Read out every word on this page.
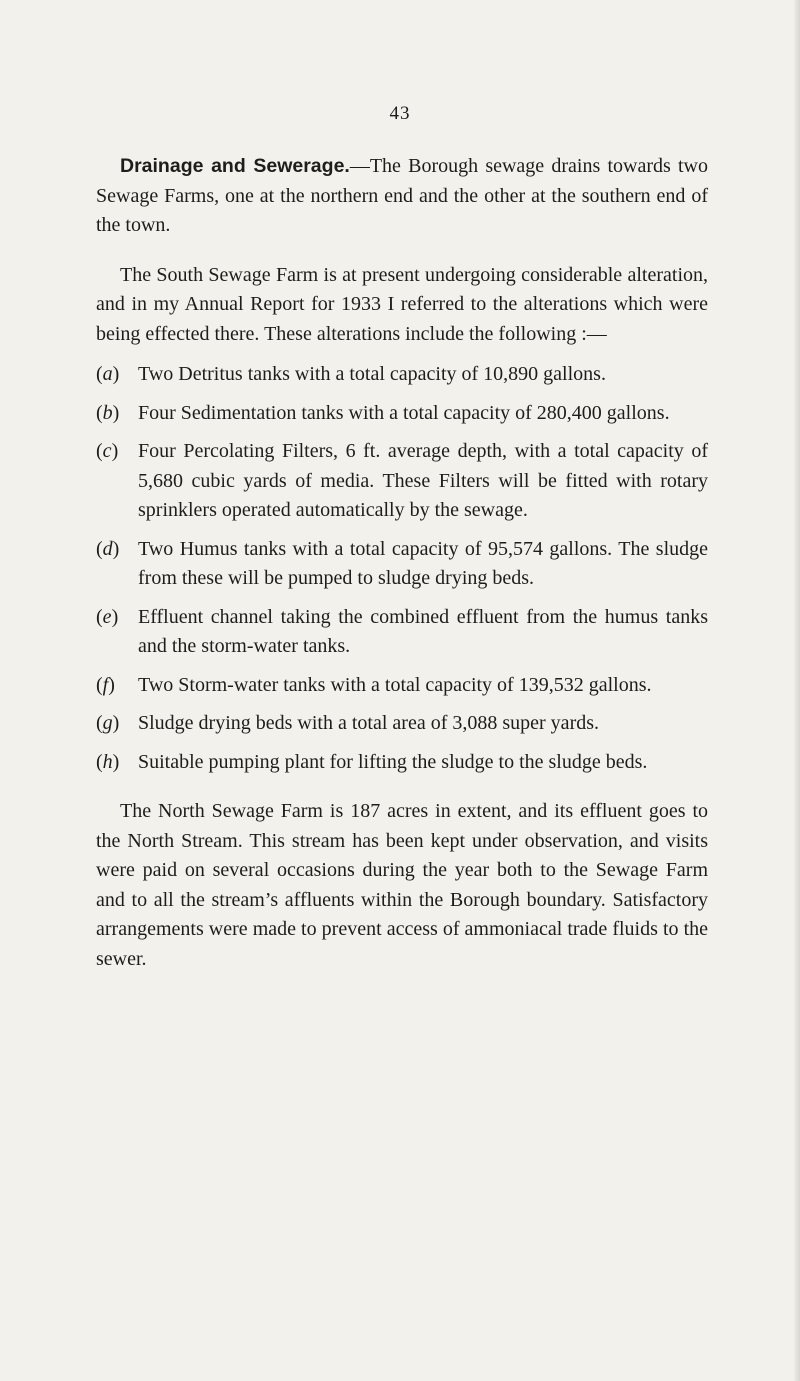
43

Drainage and Sewerage.—The Borough sewage drains towards two Sewage Farms, one at the northern end and the other at the southern end of the town.

The South Sewage Farm is at present undergoing considerable alteration, and in my Annual Report for 1933 I referred to the alterations which were being effected there. These alterations include the following :—

(a) Two Detritus tanks with a total capacity of 10,890 gallons.
(b) Four Sedimentation tanks with a total capacity of 280,400 gallons.
(c) Four Percolating Filters, 6 ft. average depth, with a total capacity of 5,680 cubic yards of media. These Filters will be fitted with rotary sprinklers operated automatically by the sewage.
(d) Two Humus tanks with a total capacity of 95,574 gallons. The sludge from these will be pumped to sludge drying beds.
(e) Effluent channel taking the combined effluent from the humus tanks and the storm-water tanks.
(f)	Two Storm-water tanks with a total capacity of 139,532 gallons.
(g) Sludge drying beds with a total area of 3,088 super yards.
(h) Suitable pumping plant for lifting the sludge to the sludge beds.

The North Sewage Farm is 187 acres in extent, and its effluent goes to the North Stream. This stream has been kept under observation, and visits were paid on several occasions during the year both to the Sewage Farm and to all the stream’s affluents within the Borough boundary. Satisfactory arrangements were made to prevent access of ammoniacal trade fluids to the sewer.
